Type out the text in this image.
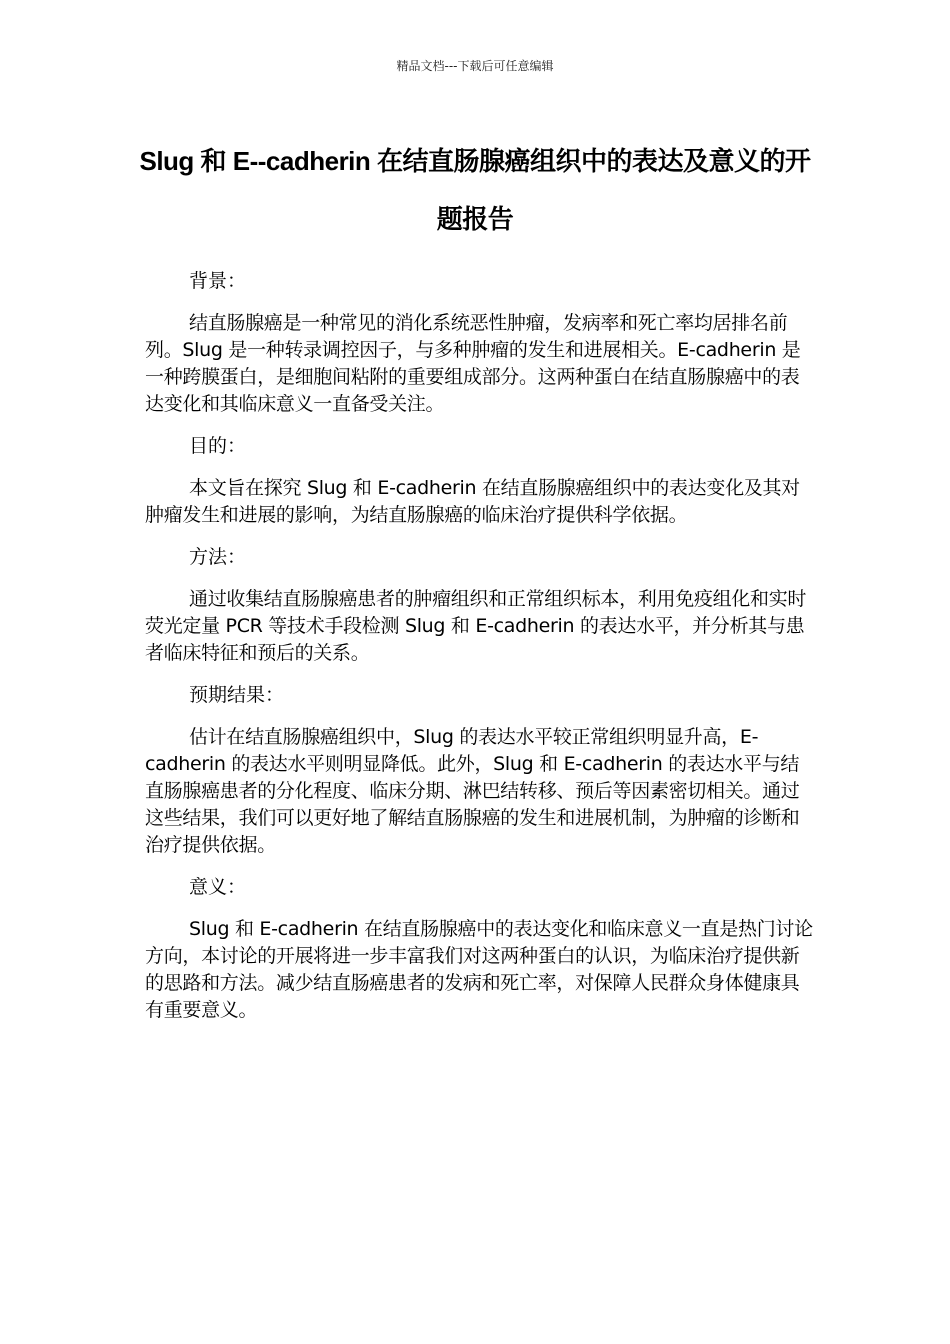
精品文档---下载后可任意编辑
Slug 和 E--cadherin 在结直肠腺癌组织中的表达及意义的开题报告

背景：

结直肠腺癌是一种常见的消化系统恶性肿瘤，发病率和死亡率均居排名前列。Slug 是一种转录调控因子，与多种肿瘤的发生和进展相关。E-cadherin 是一种跨膜蛋白，是细胞间粘附的重要组成部分。这两种蛋白在结直肠腺癌中的表达变化和其临床意义一直备受关注。

目的：

本文旨在探究 Slug 和 E-cadherin 在结直肠腺癌组织中的表达变化及其对肿瘤发生和进展的影响，为结直肠腺癌的临床治疗提供科学依据。

方法：

通过收集结直肠腺癌患者的肿瘤组织和正常组织标本，利用免疫组化和实时荧光定量 PCR 等技术手段检测 Slug 和 E-cadherin 的表达水平，并分析其与患者临床特征和预后的关系。

预期结果：

估计在结直肠腺癌组织中，Slug 的表达水平较正常组织明显升高，E-cadherin 的表达水平则明显降低。此外，Slug 和 E-cadherin 的表达水平与结直肠腺癌患者的分化程度、临床分期、淋巴结转移、预后等因素密切相关。通过这些结果，我们可以更好地了解结直肠腺癌的发生和进展机制，为肿瘤的诊断和治疗提供依据。

意义：

Slug 和 E-cadherin 在结直肠腺癌中的表达变化和临床意义一直是热门讨论方向，本讨论的开展将进一步丰富我们对这两种蛋白的认识，为临床治疗提供新的思路和方法。减少结直肠癌患者的发病和死亡率，对保障人民群众身体健康具有重要意义。
